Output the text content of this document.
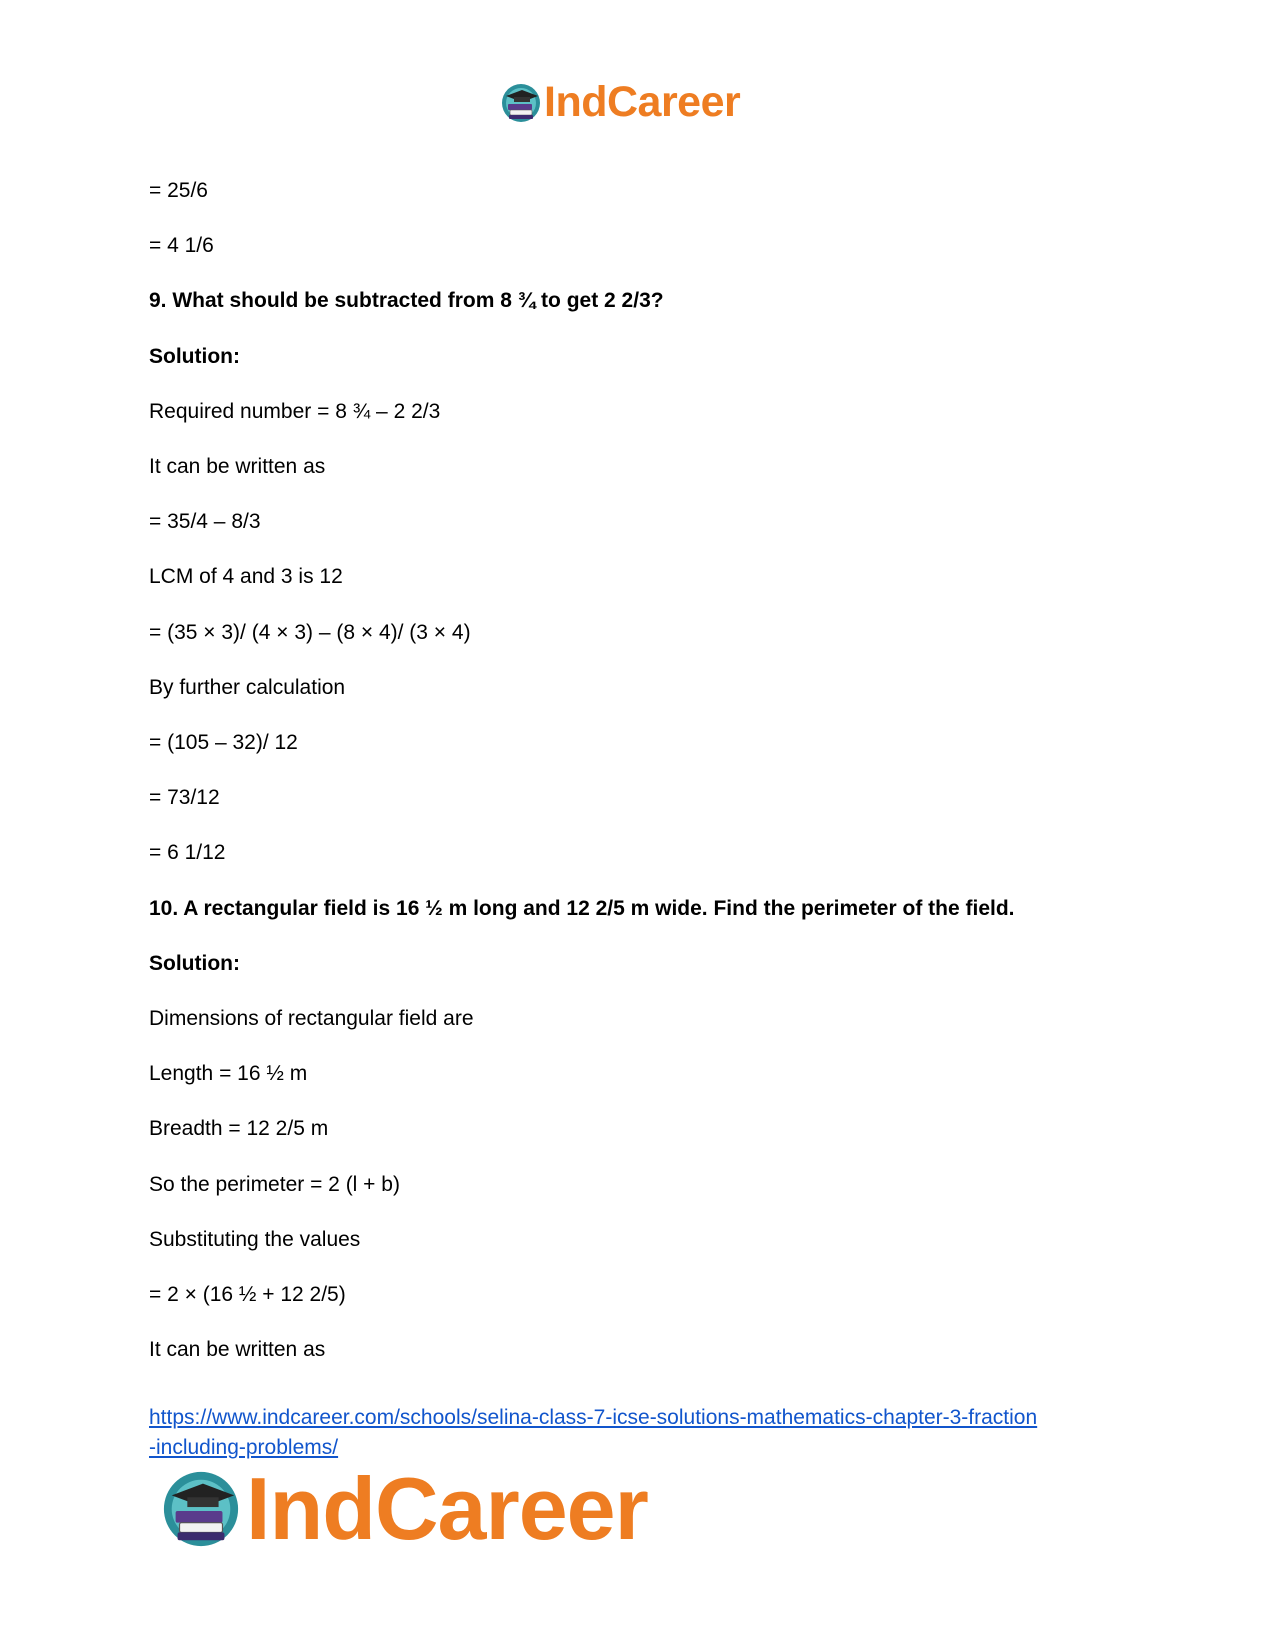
IndCareer
= 25/6
= 4 1/6
9. What should be subtracted from 8 ¾ to get 2 2/3?
Solution:
Required number = 8 ¾ – 2 2/3
It can be written as
= 35/4 – 8/3
LCM of 4 and 3 is 12
= (35 × 3)/ (4 × 3) – (8 × 4)/ (3 × 4)
By further calculation
= (105 – 32)/ 12
= 73/12
= 6 1/12
10. A rectangular field is 16 ½ m long and 12 2/5 m wide. Find the perimeter of the field.
Solution:
Dimensions of rectangular field are
Length = 16 ½ m
Breadth = 12 2/5 m
So the perimeter = 2 (l + b)
Substituting the values
= 2 × (16 ½ + 12 2/5)
It can be written as
https://www.indcareer.com/schools/selina-class-7-icse-solutions-mathematics-chapter-3-fraction
-including-problems/
IndCareer
